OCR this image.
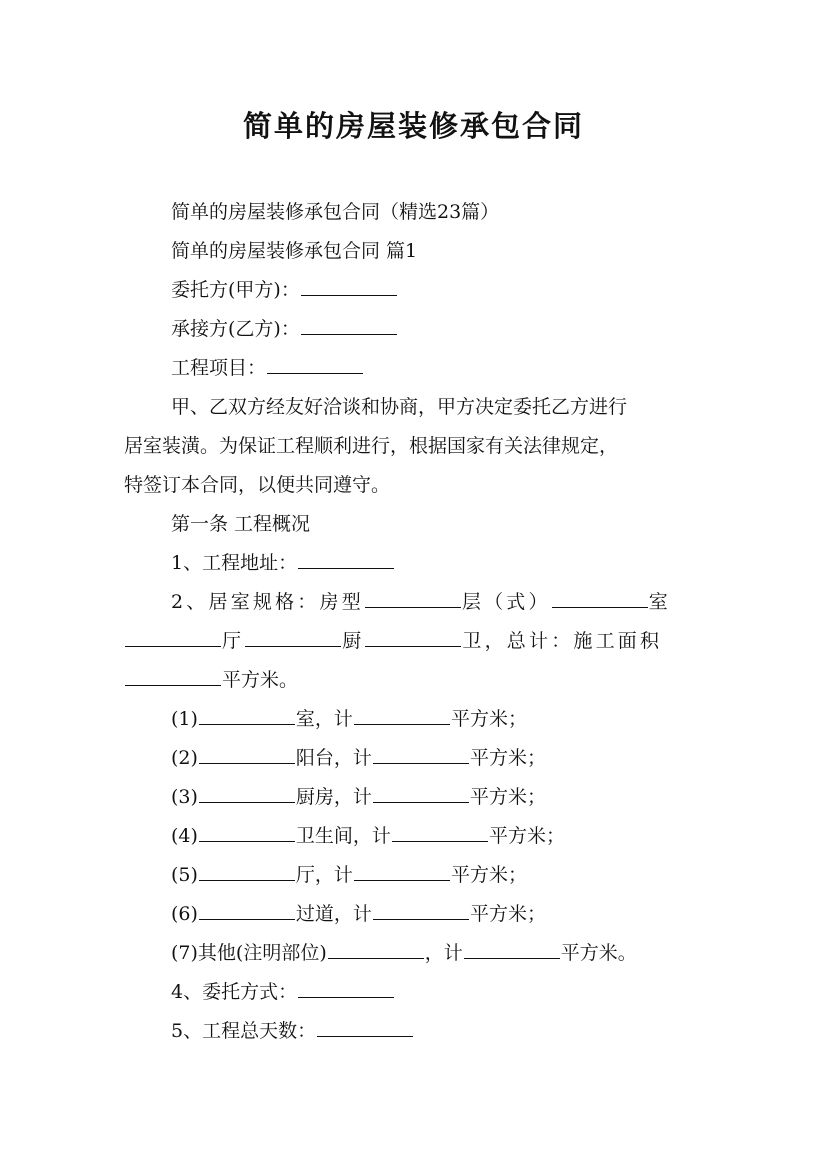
简单的房屋装修承包合同
简单的房屋装修承包合同（精选23篇）
简单的房屋装修承包合同 篇1
委托方(甲方)：
承接方(乙方)：
工程项目：
甲、乙双方经友好洽谈和协商，甲方决定委托乙方进行
居室装潢。为保证工程顺利进行，根据国家有关法律规定，
特签订本合同，以便共同遵守。
第一条 工程概况
1、工程地址：
2、居室规格：房型	层（式）	室
厅	厨	卫，总计：施工面积
平方米。
(1)	室，计	平方米；
(2)	阳台，计	平方米；
(3)	厨房，计	平方米；
(4)	卫生间，计	平方米；
(5)	厅，计	平方米；
(6)	过道，计	平方米；
(7)其他(注明部位)	，计	平方米。
4、委托方式：
5、工程总天数：
